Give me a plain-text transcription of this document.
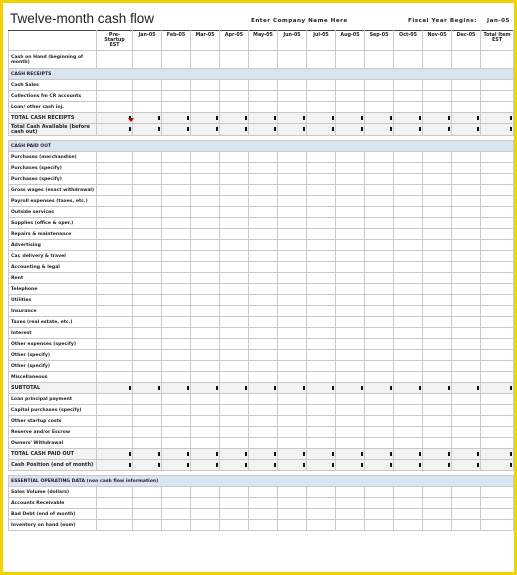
Twelve-month cash flow	Enter Company Name Here	Fiscal Year Begins: Jan-05
	Pre-Startup EST	Jan-05	Feb-05	Mar-05	Apr-05	May-05	Jun-05	Jul-05	Aug-05	Sep-05	Oct-05	Nov-05	Dec-05	Total Item EST
Cash on Hand (beginning of month)														
CASH RECEIPTS														
Cash Sales														
Collections fm CR accounts														
Loan/ other cash inj.														
TOTAL CASH RECEIPTS														
Total Cash Available (before cash out)														

CASH PAID OUT														
Purchases (merchandise)														
Purchases (specify)														
Purchases (specify)														
Gross wages (exact withdrawal)														
Payroll expenses (taxes, etc.)														
Outside services														
Supplies (office & oper.)														
Repairs & maintenance														
Advertising														
Car, delivery & travel														
Accounting & legal														
Rent														
Telephone														
Utilities														
Insurance														
Taxes (real estate, etc.)														
Interest														
Other expenses (specify)														
Other (specify)														
Other (specify)														
Miscellaneous														
SUBTOTAL														
Loan principal payment														
Capital purchases (specify)														
Other startup costs														
Reserve and/or Escrow														
Owners' Withdrawal														
TOTAL CASH PAID OUT														
Cash Position (end of month)														

ESSENTIAL OPERATING DATA (non cash flow information)														
Sales Volume (dollars)														
Accounts Receivable														
Bad Debt (end of month)														
Inventory on hand (eom)														
